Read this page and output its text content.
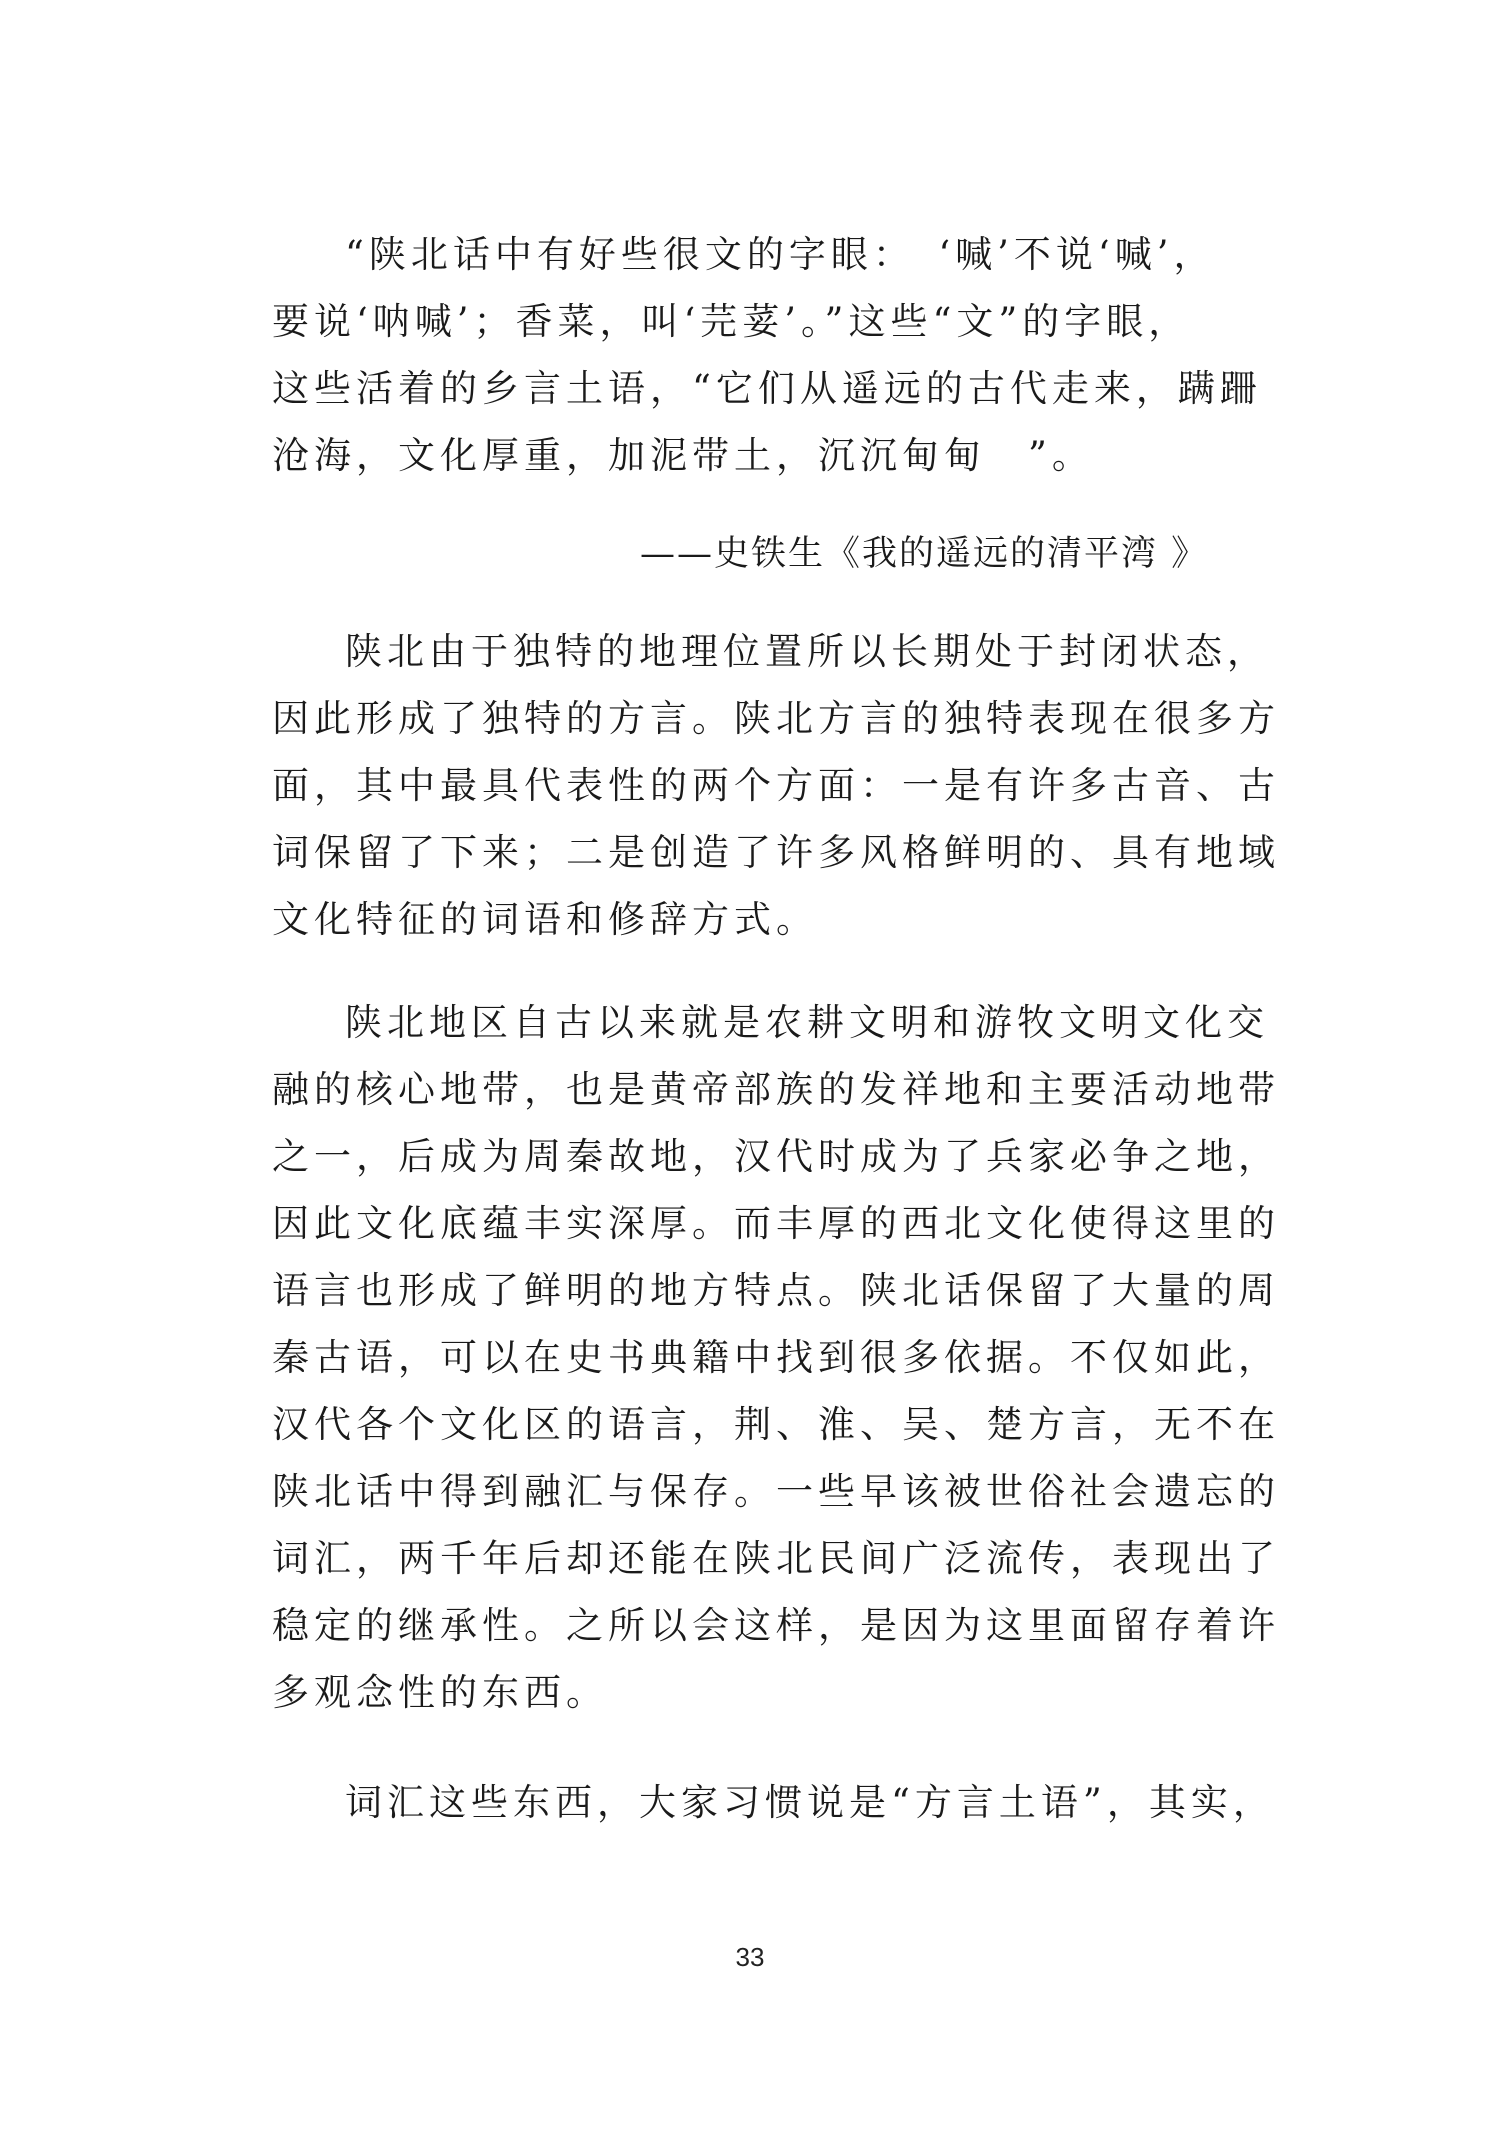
“陕北话中有好些很文的字眼：　‘喊’不说‘喊’，
要说‘呐喊’；香菜，叫‘芫荽’。”这些“文”的字眼，
这些活着的乡言土语，“它们从遥远的古代走来，蹒跚
沧海，文化厚重，加泥带土，沉沉甸甸　”。
——史铁生《我的遥远的清平湾 》
陕北由于独特的地理位置所以长期处于封闭状态，
因此形成了独特的方言。陕北方言的独特表现在很多方
面，其中最具代表性的两个方面：一是有许多古音、古
词保留了下来；二是创造了许多风格鲜明的、具有地域
文化特征的词语和修辞方式。
陕北地区自古以来就是农耕文明和游牧文明文化交
融的核心地带，也是黄帝部族的发祥地和主要活动地带
之一，后成为周秦故地，汉代时成为了兵家必争之地，
因此文化底蕴丰实深厚。而丰厚的西北文化使得这里的
语言也形成了鲜明的地方特点。陕北话保留了大量的周
秦古语，可以在史书典籍中找到很多依据。不仅如此，
汉代各个文化区的语言，荆、淮、吴、楚方言，无不在
陕北话中得到融汇与保存。一些早该被世俗社会遗忘的
词汇，两千年后却还能在陕北民间广泛流传，表现出了
稳定的继承性。之所以会这样，是因为这里面留存着许
多观念性的东西。
词汇这些东西，大家习惯说是“方言土语”，其实，
33
